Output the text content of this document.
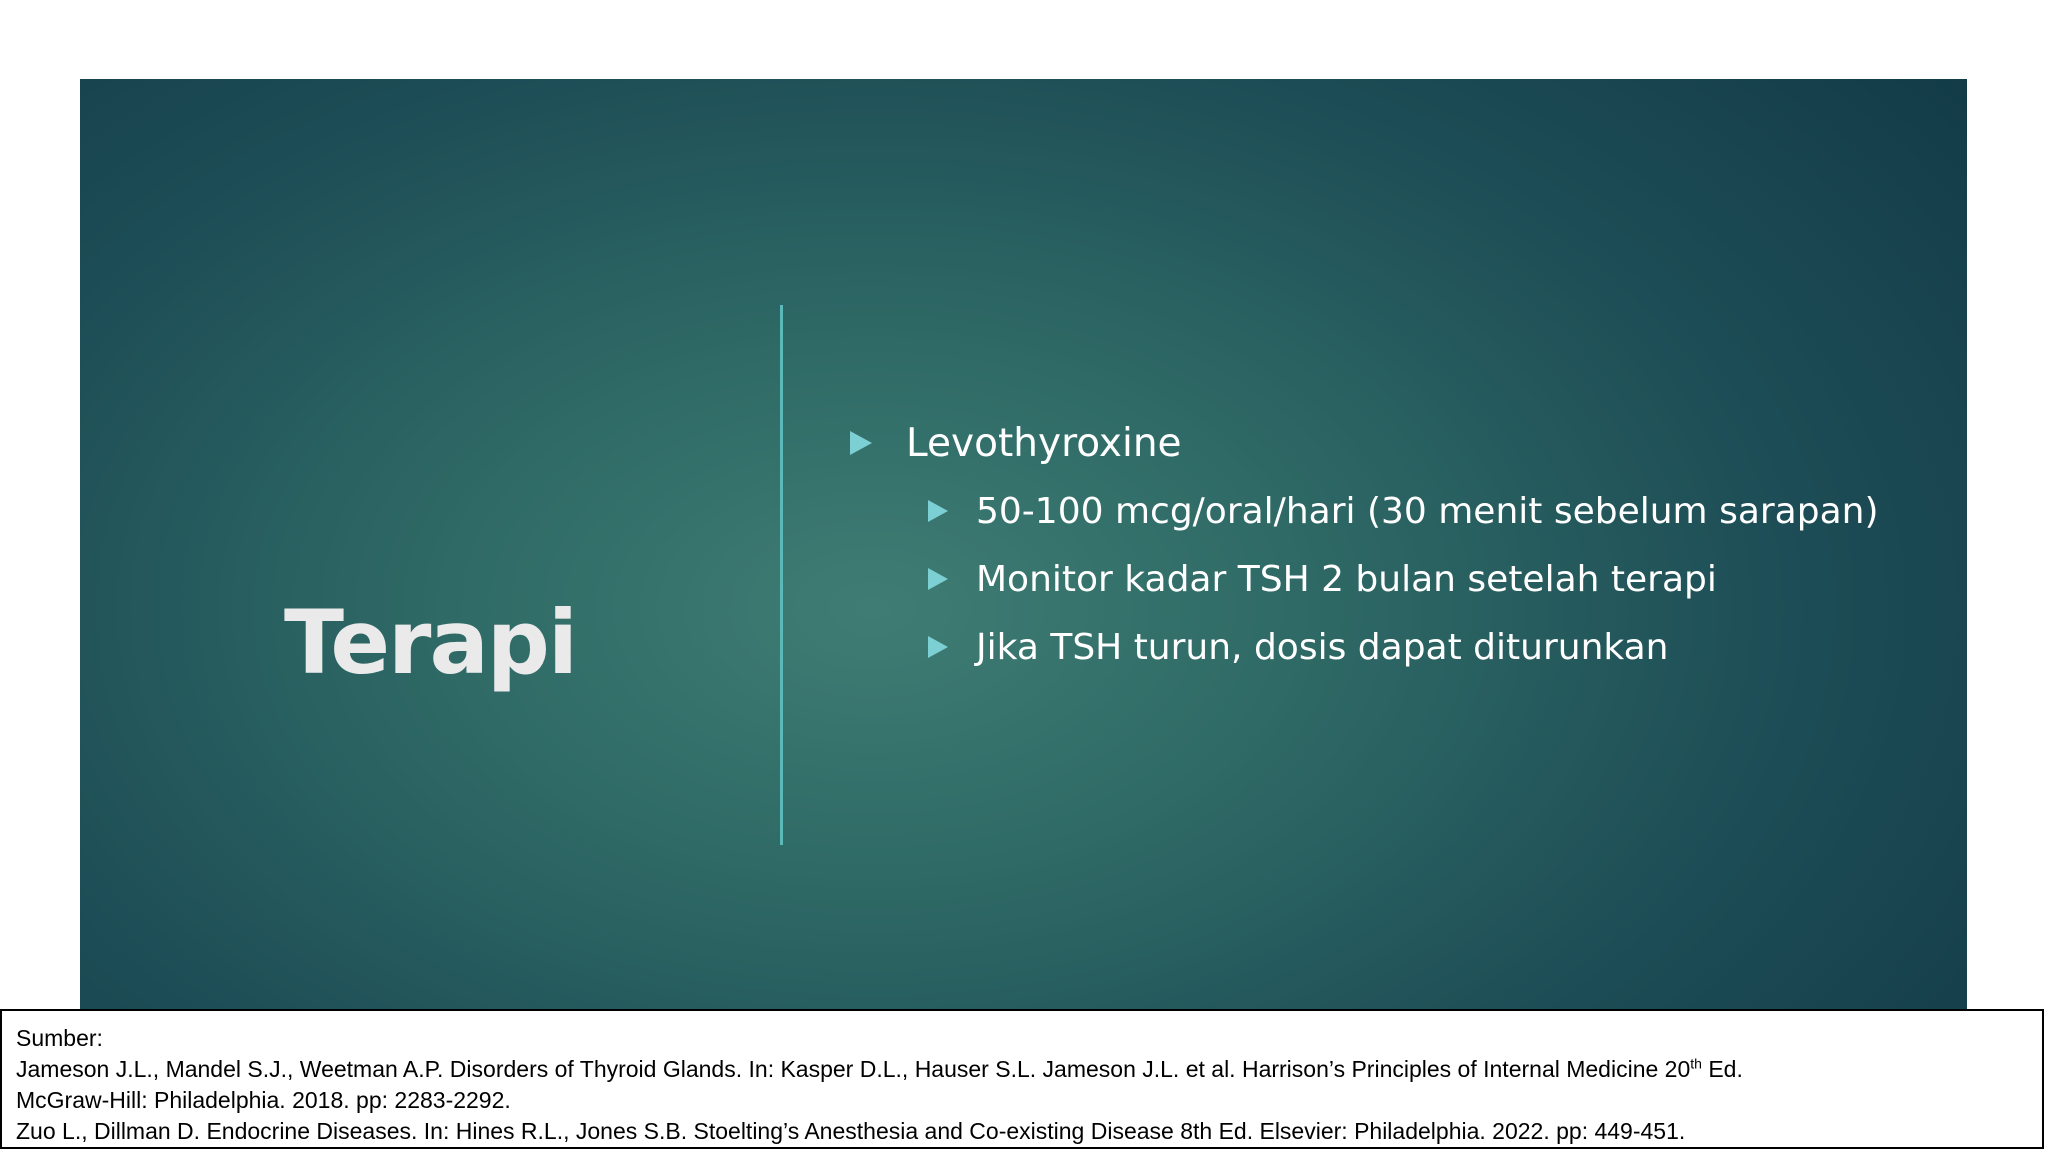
Terapi
Levothyroxine
50-100 mcg/oral/hari (30 menit sebelum sarapan)
Monitor kadar TSH 2 bulan setelah terapi
Jika TSH turun, dosis dapat diturunkan
Sumber:
Jameson J.L., Mandel S.J., Weetman A.P. Disorders of Thyroid Glands. In: Kasper D.L., Hauser S.L. Jameson J.L. et al. Harrison’s Principles of Internal Medicine 20th Ed.
McGraw-Hill: Philadelphia. 2018. pp: 2283-2292.
Zuo L., Dillman D. Endocrine Diseases. In: Hines R.L., Jones S.B. Stoelting’s Anesthesia and Co-existing Disease 8th Ed. Elsevier: Philadelphia. 2022. pp: 449-451.
